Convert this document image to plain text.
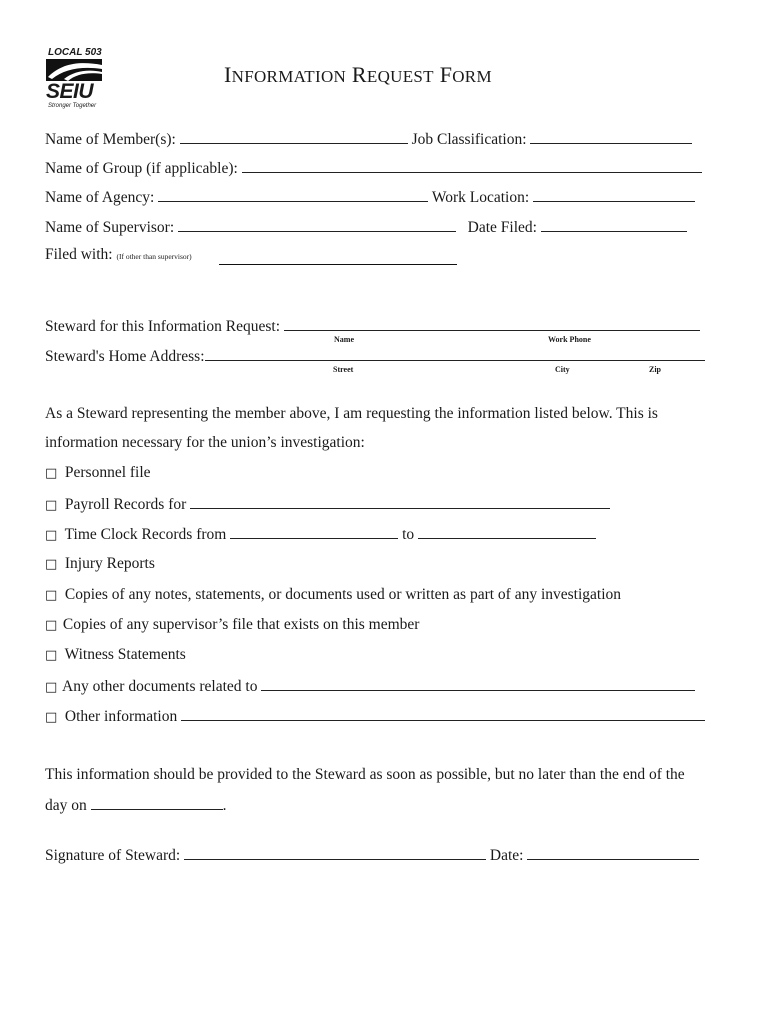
LOCAL 503
SEIU
Stronger Together
INFORMATION REQUEST FORM
Name of Member(s):	Job Classification:
Name of Group (if applicable):
Name of Agency:	Work Location:
Name of Supervisor:	Date Filed:
Filed with: (If other than supervisor)
Steward for this Information Request:
Name	Work Phone
Steward's Home Address:
Street	City	Zip
As a Steward representing the member above, I am requesting the information listed below. This is
information necessary for the union’s investigation:
□ Personnel file
□ Payroll Records for
□ Time Clock Records from	to
□ Injury Reports
□ Copies of any notes, statements, or documents used or written as part of any investigation
□ Copies of any supervisor’s file that exists on this member
□ Witness Statements
□ Any other documents related to
□ Other information
This information should be provided to the Steward as soon as possible, but no later than the end of the
day on	.
Signature of Steward:	Date:
